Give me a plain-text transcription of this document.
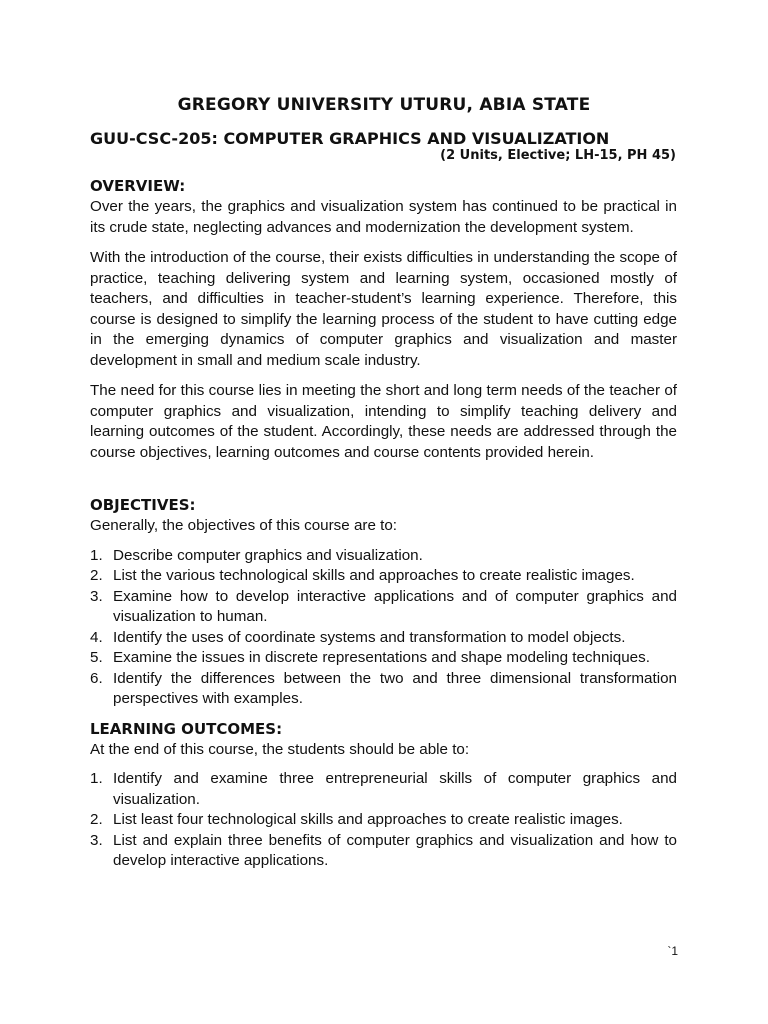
GREGORY UNIVERSITY UTURU, ABIA STATE
GUU-CSC-205: COMPUTER GRAPHICS AND VISUALIZATION
(2 Units, Elective; LH-15, PH 45)
OVERVIEW:

Over the years, the graphics and visualization system has continued to be practical in its crude state, neglecting advances and modernization the development system.

With the introduction of the course, their exists difficulties in understanding the scope of practice, teaching delivering system and learning system, occasioned mostly of teachers, and difficulties in teacher-student’s learning experience. Therefore, this course is designed to simplify the learning process of the student to have cutting edge in the emerging dynamics of computer graphics and visualization and master development in small and medium scale industry.

The need for this course lies in meeting the short and long term needs of the teacher of computer graphics and visualization, intending to simplify teaching delivery and learning outcomes of the student. Accordingly, these needs are addressed through the course objectives, learning outcomes and course contents provided herein.

OBJECTIVES:

Generally, the objectives of this course are to:

1. Describe computer graphics and visualization.
2. List the various technological skills and approaches to create realistic images.
3. Examine how to develop interactive applications and of computer graphics and visualization to human.
4. Identify the uses of coordinate systems and transformation to model objects.
5. Examine the issues in discrete representations and shape modeling techniques.
6. Identify the differences between the two and three dimensional transformation perspectives with examples.
LEARNING OUTCOMES:

At the end of this course, the students should be able to:

1. Identify and examine three entrepreneurial skills of computer graphics and visualization.
2. List least four technological skills and approaches to create realistic images.
3. List and explain three benefits of computer graphics and visualization and how to develop interactive applications.
`1
